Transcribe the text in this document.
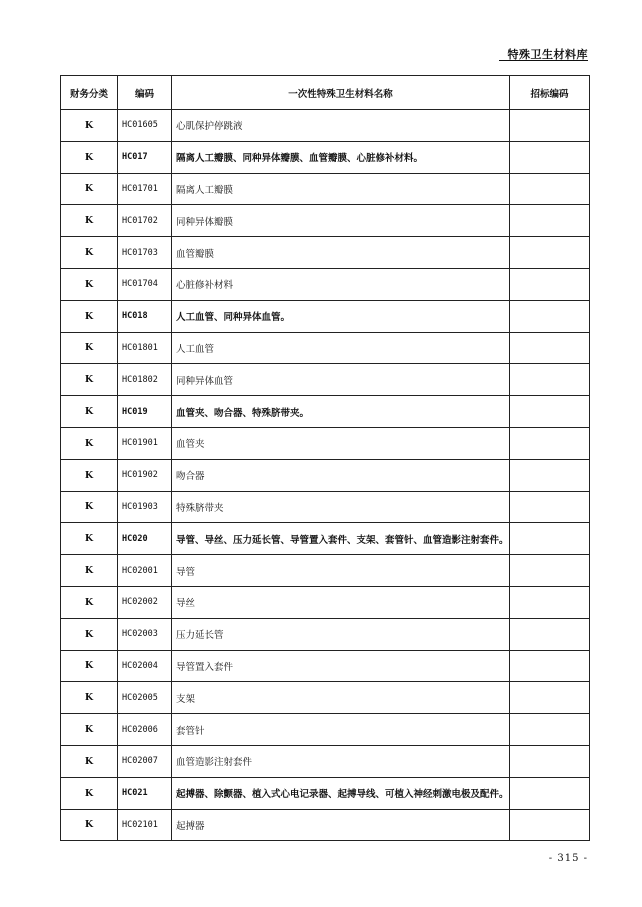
特殊卫生材料库
财务分类	编码	一次性特殊卫生材料名称	招标编码
K	HC01605	心肌保护停跳液	
K	HC017	隔离人工瓣膜、同种异体瓣膜、血管瓣膜、心脏修补材料。	
K	HC01701	隔离人工瓣膜	
K	HC01702	同种异体瓣膜	
K	HC01703	血管瓣膜	
K	HC01704	心脏修补材料	
K	HC018	人工血管、同种异体血管。	
K	HC01801	人工血管	
K	HC01802	同种异体血管	
K	HC019	血管夹、吻合器、特殊脐带夹。	
K	HC01901	血管夹	
K	HC01902	吻合器	
K	HC01903	特殊脐带夹	
K	HC020	导管、导丝、压力延长管、导管置入套件、支架、套管针、血管造影注射套件。	
K	HC02001	导管	
K	HC02002	导丝	
K	HC02003	压力延长管	
K	HC02004	导管置入套件	
K	HC02005	支架	
K	HC02006	套管针	
K	HC02007	血管造影注射套件	
K	HC021	起搏器、除颤器、植入式心电记录器、起搏导线、可植入神经刺激电极及配件。	
K	HC02101	起搏器	
- 315 -
